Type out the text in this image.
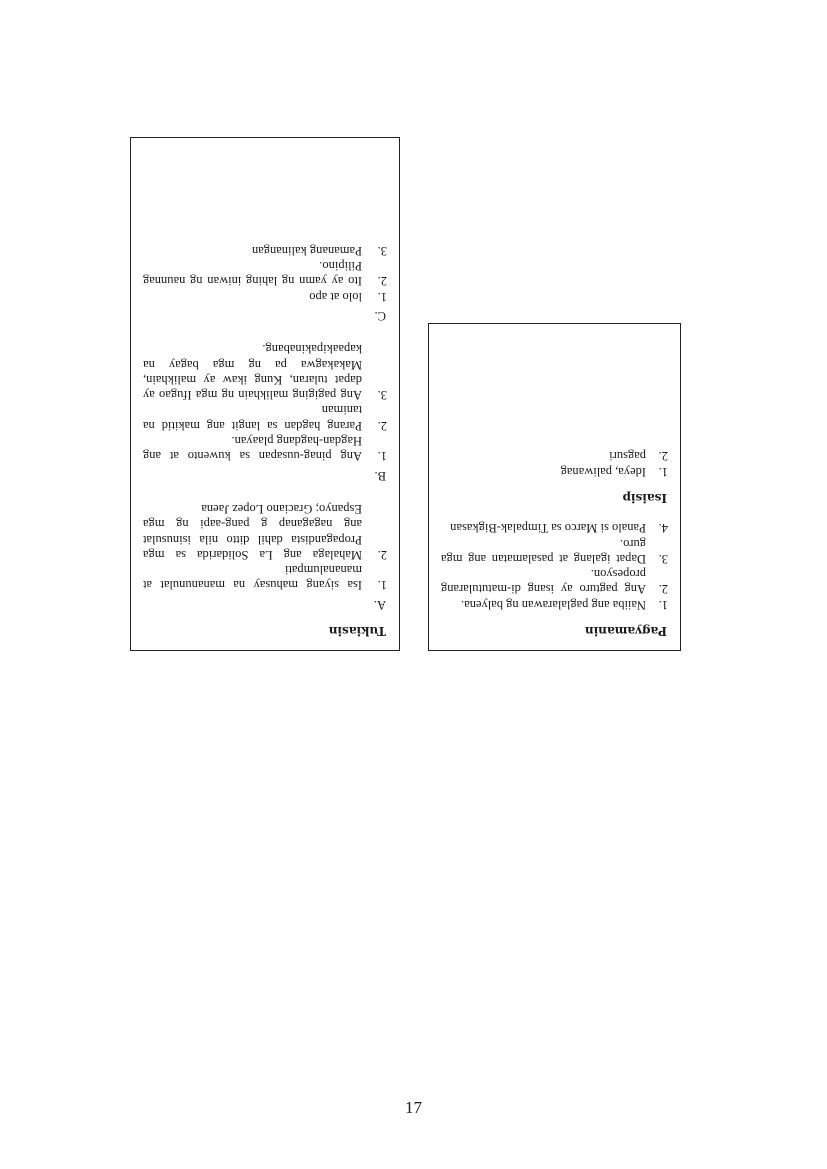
Tukiasin
A.
1.
Isa siyang mahusay na mananunulat at mananalumpati
2.
Mahalaga ang La Solidarida sa mga Propagandista dahil ditto nila isinusulat ang nagaganap g pang-aapi ng mga Espanyo; Graciano Lopez Jaena
B.
1.
Ang pinag-uusapan sa kuwento at ang Hagdan-hagdang plaayan.
2.
Parang hagdan sa langit ang makitid na taniman
3.
Ang pagiging malikhain ng mga Ifugao ay dapat tularan, Kung ikaw ay malikhain, Makakagwa pa ng mga bagay na kapaakipakinabang.
C.
1.
lolo at apo
2.
Ito ay yamn ng lahing iniwan ng naunnag Pilipino.
3.
Pamanang kalinangan
Pagyamanin
1.
Naiiba ang paglalarawan ng balyena.
2.
Ang pagturo ay isang di-matutularang propesyon.
3.
Dapat igalang at pasalamatan ang mga guro.
4.
Panalo si Marco sa Timpalak-Bigkasan
Isaisip
1.
Ideya, paliwanag
2.
pagsuri
17
